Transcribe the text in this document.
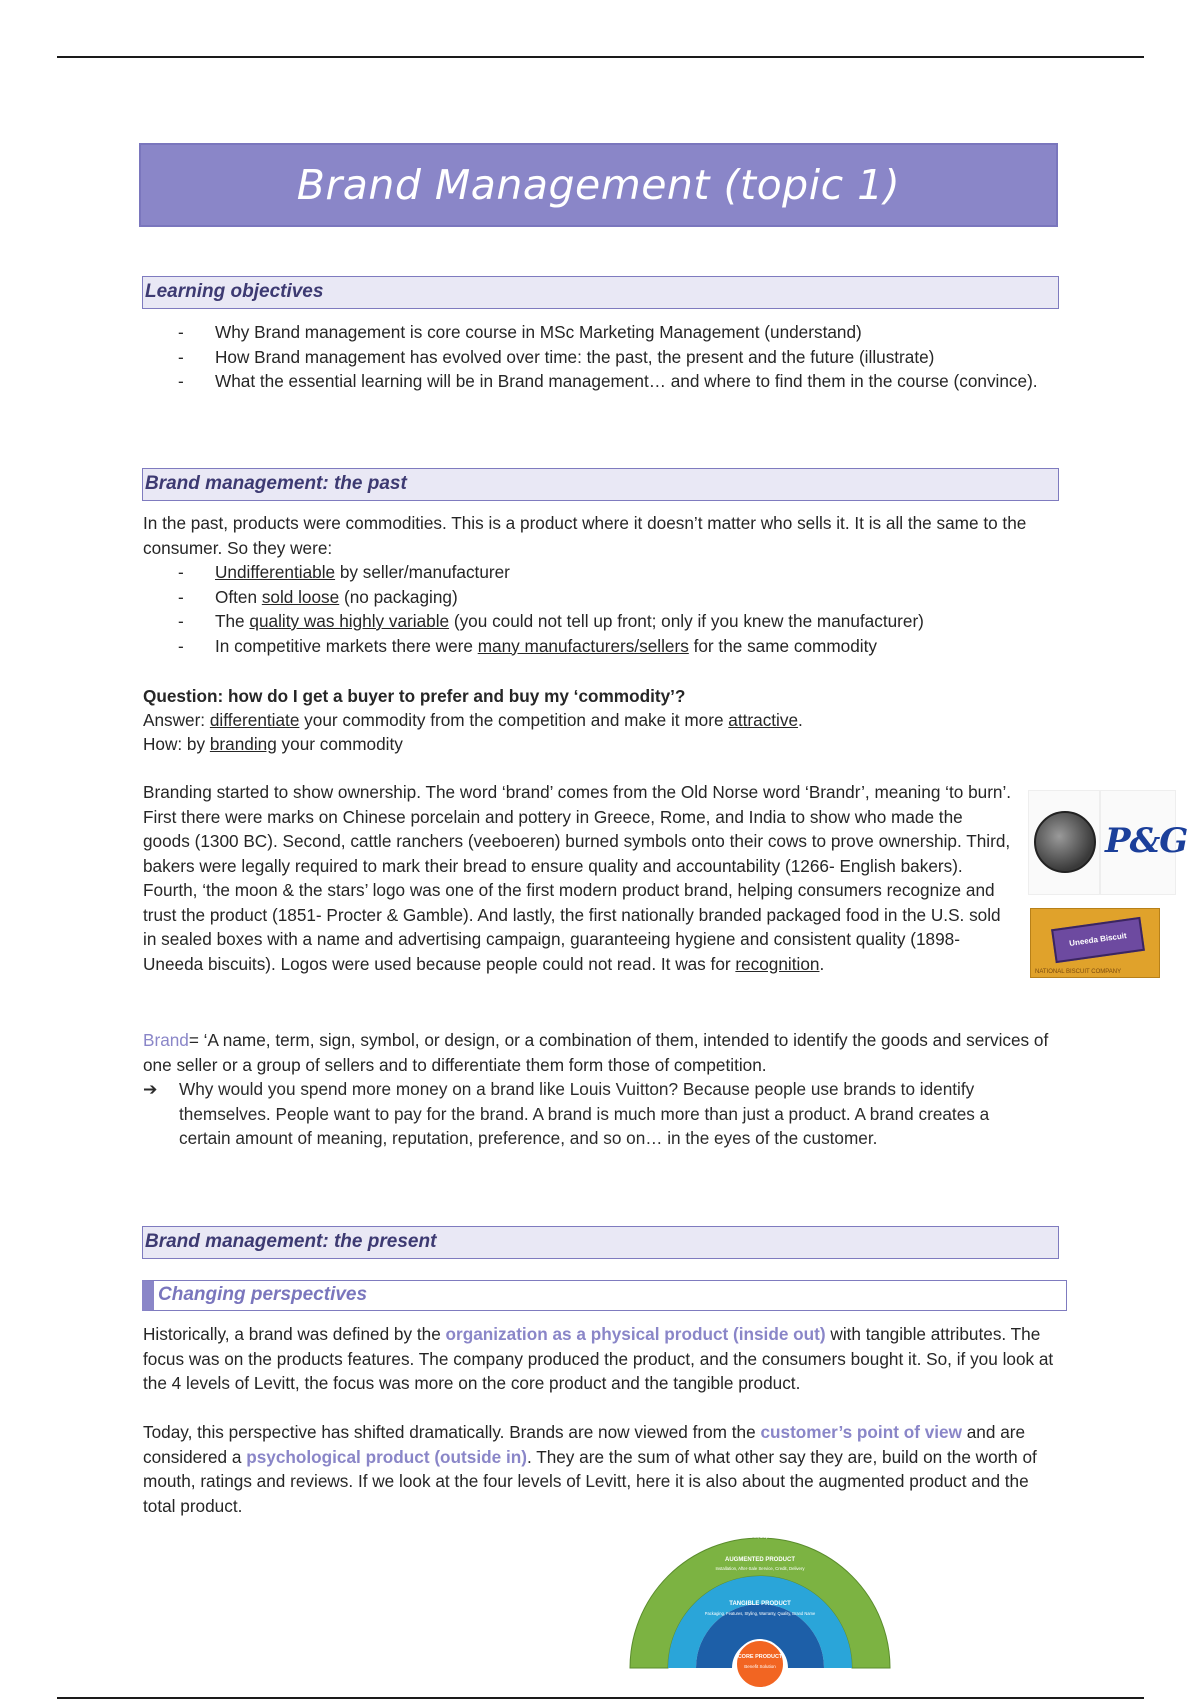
Brand Management (topic 1)
Learning objectives
- Why Brand management is core course in MSc Marketing Management (understand)
- How Brand management has evolved over time: the past, the present and the future (illustrate)
- What the essential learning will be in Brand management… and where to find them in the course (convince).
Brand management: the past
In the past, products were commodities. This is a product where it doesn’t matter who sells it. It is all the same to the consumer. So they were:
- Undifferentiable by seller/manufacturer
- Often sold loose (no packaging)
- The quality was highly variable (you could not tell up front; only if you knew the manufacturer)
- In competitive markets there were many manufacturers/sellers for the same commodity
Question: how do I get a buyer to prefer and buy my ‘commodity’?
Answer: differentiate your commodity from the competition and make it more attractive.
How: by branding your commodity
Branding started to show ownership. The word ‘brand’ comes from the Old Norse word ‘Brandr’, meaning ‘to burn’. First there were marks on Chinese porcelain and pottery in Greece, Rome, and India to show who made the goods (1300 BC). Second, cattle ranchers (veeboeren) burned symbols onto their cows to prove ownership. Third, bakers were legally required to mark their bread to ensure quality and accountability (1266- English bakers). Fourth, ‘the moon & the stars’ logo was one of the first modern product brand, helping consumers recognize and trust the product (1851- Procter & Gamble). And lastly, the first nationally branded packaged food in the U.S. sold in sealed boxes with a name and advertising campaign, guaranteeing hygiene and consistent quality (1898- Uneeda biscuits). Logos were used because people could not read. It was for recognition.
P&G
Uneeda Biscuit
NATIONAL BISCUIT COMPANY
Brand= ‘A name, term, sign, symbol, or design, or a combination of them, intended to identify the goods and services of one seller or a group of sellers and to differentiate them form those of competition.
➔	Why would you spend more money on a brand like Louis Vuitton? Because people use brands to identify themselves. People want to pay for the brand. A brand is much more than just a product. A brand creates a certain amount of meaning, reputation, preference, and so on… in the eyes of the customer.
Brand management: the present
Changing perspectives
Historically, a brand was defined by the organization as a physical product (inside out) with tangible attributes. The focus was on the products features. The company produced the product, and the consumers bought it. So, if you look at the 4 levels of Levitt, the focus was more on the core product and the tangible product.
Today, this perspective has shifted dramatically. Brands are now viewed from the customer’s point of view and are considered a psychological product (outside in). They are the sum of what other say they are, build on the worth of mouth, ratings and reviews. If we look at the four levels of Levitt, here it is also about the augmented product and the total product.
PROMISED PRODUCT
Hard Time, Trade-in, Dependability, Status
AUGMENTED PRODUCT
Installation, After-Sale Service, Credit, Delivery
TANGIBLE PRODUCT
Packaging, Features, Styling, Warranty, Quality, Brand Name
CORE PRODUCT
Benefit Solution
